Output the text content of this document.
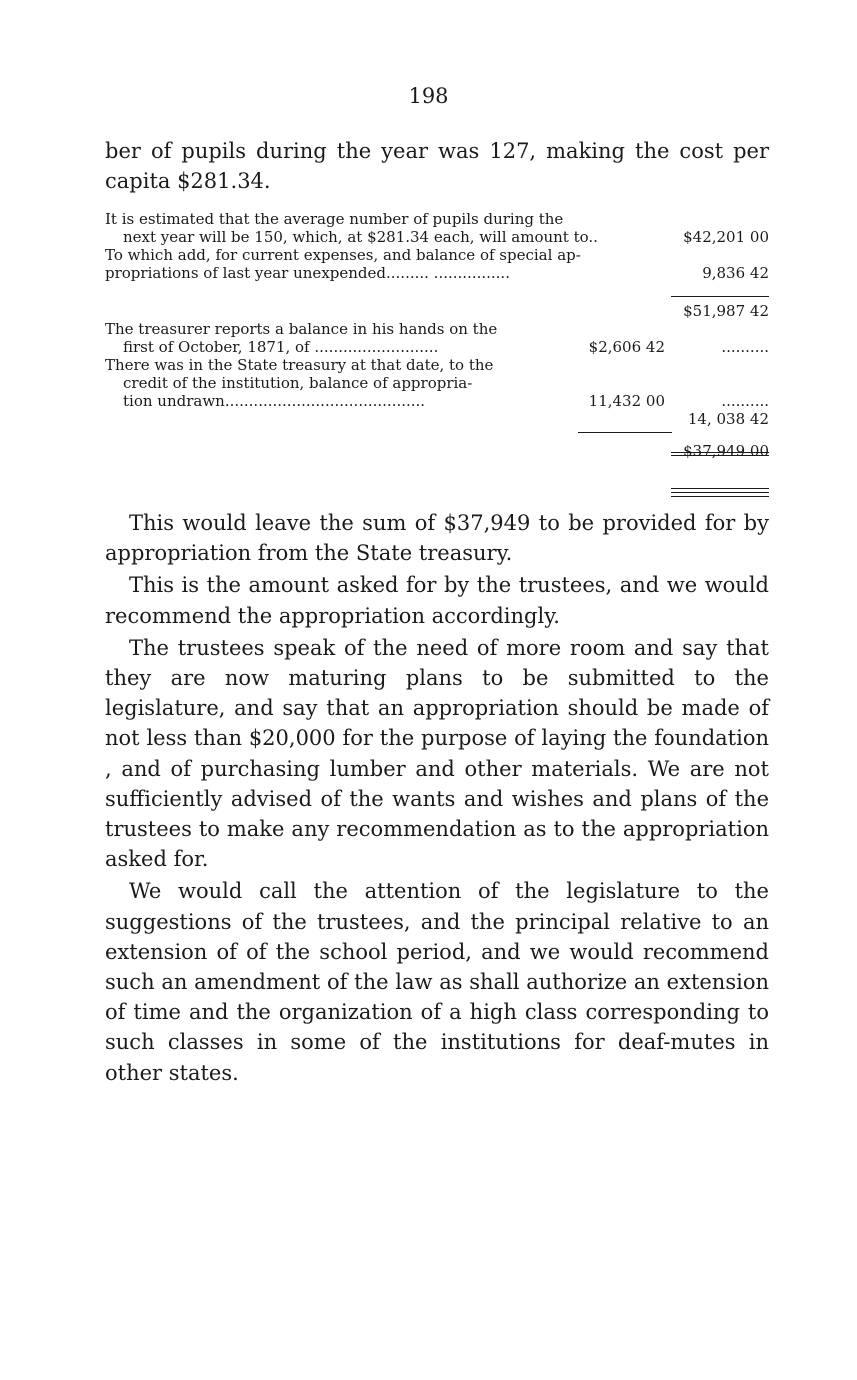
198

ber of pupils during the year was 127, making the cost per capita $281.34.

It is estimated that the average number of pupils during the
next year will be 150, which, at $281.34 each, will amount to..	$42,201 00
To which add, for current expenses, and balance of special ap-
propriations of last year unexpended......... ................	9,836 42
$51,987 42
The treasurer reports a balance in his hands on the
first of October, 1871, of ..........................	$2,606 42	..........
There was in the State treasury at that date, to the
credit of the institution, balance of appropria-
tion undrawn..........................................	11,432 00	..........
14, 038 42
$37,949 00

This would leave the sum of $37,949 to be provided for by appropriation from the State treasury.

This is the amount asked for by the trustees, and we would recommend the appropriation accordingly.

The trustees speak of the need of more room and say that they are now maturing plans to be submitted to the legislature, and say that an appropriation should be made of not less than $20,000 for the purpose of laying the foundation , and of purchasing lumber and other materials. We are not sufficiently advised of the wants and wishes and plans of the trustees to make any recommendation as to the appropriation asked for.

We would call the attention of the legislature to the suggestions of the trustees, and the principal relative to an extension of of the school period, and we would recommend such an amendment of the law as shall authorize an extension of time and the organization of a high class corresponding to such classes in some of the institutions for deaf-mutes in other states.
